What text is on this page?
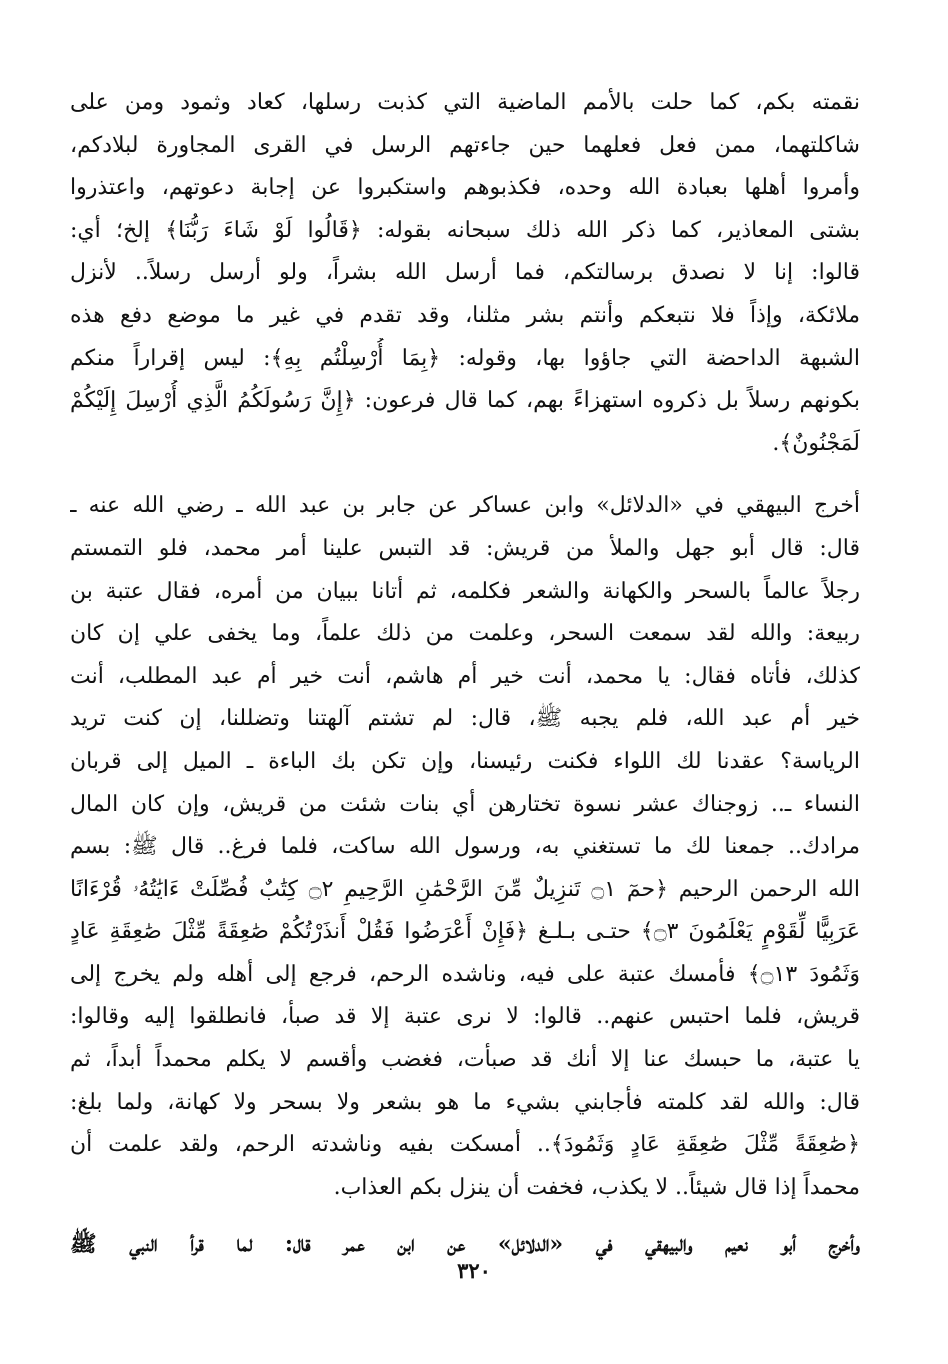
نقمته بكم، كما حلت بالأمم الماضية التي كذبت رسلها، كعاد وثمود ومن على
شاكلتهما، ممن فعل فعلهما حين جاءتهم الرسل في القرى المجاورة لبلادكم،
وأمروا أهلها بعبادة الله وحده، فكذبوهم واستكبروا عن إجابة دعوتهم، واعتذروا
بشتى المعاذير، كما ذكر الله ذلك سبحانه بقوله: ﴿قَالُوا لَوْ شَاءَ رَبُّنَا﴾ إلخ؛ أي:
قالوا: إنا لا نصدق برسالتكم، فما أرسل الله بشراً، ولو أرسل رسلاً.. لأنزل
ملائكة، وإذاً فلا نتبعكم وأنتم بشر مثلنا، وقد تقدم في غير ما موضع دفع هذه
الشبهة الداحضة التي جاؤوا بها، وقوله: ﴿بِمَا أُرْسِلْتُم بِهِ﴾: ليس إقراراً منكم
بكونهم رسلاً بل ذكروه استهزاءً بهم، كما قال فرعون: ﴿إِنَّ رَسُولَكُمُ الَّذِي أُرْسِلَ إِلَيْكُمْ
لَمَجْنُونٌ﴾.
أخرج البيهقي في «الدلائل» وابن عساكر عن جابر بن عبد الله ـ رضي الله عنه ـ
قال: قال أبو جهل والملأ من قريش: قد التبس علينا أمر محمد، فلو التمستم
رجلاً عالماً بالسحر والكهانة والشعر فكلمه، ثم أتانا ببيان من أمره، فقال عتبة بن
ربيعة: والله لقد سمعت السحر، وعلمت من ذلك علماً، وما يخفى علي إن كان
كذلك، فأتاه فقال: يا محمد، أنت خير أم هاشم، أنت خير أم عبد المطلب، أنت
خير أم عبد الله، فلم يجبه ﷺ، قال: لم تشتم آلهتنا وتضللنا، إن كنت تريد
الرياسة؟ عقدنا لك اللواء فكنت رئيسنا، وإن تكن بك الباءة ـ الميل إلى قربان
النساء ـ.. زوجناك عشر نسوة تختارهن أي بنات شئت من قريش، وإن كان المال
مرادك.. جمعنا لك ما تستغني به، ورسول الله ساكت، فلما فرغ.. قال ﷺ: بسم
الله الرحمن الرحيم ﴿حمٓ ۝١ تَنزِيلٌ مِّنَ الرَّحْمَٰنِ الرَّحِيمِ ۝٢ كِتَٰبٌ فُصِّلَتْ ءَايَٰتُهُۥ قُرْءَانًا
عَرَبِيًّا لِّقَوْمٍ يَعْلَمُونَ ۝٣﴾ حتـى بـلـغ ﴿فَإِنْ أَعْرَضُوا فَقُلْ أَنذَرْتُكُمْ صَٰعِقَةً مِّثْلَ صَٰعِقَةِ عَادٍ
وَثَمُودَ ۝١٣﴾ فأمسك عتبة على فيه، وناشده الرحم، فرجع إلى أهله ولم يخرج إلى
قريش، فلما احتبس عنهم.. قالوا: لا نرى عتبة إلا قد صبأ، فانطلقوا إليه وقالوا:
يا عتبة، ما حبسك عنا إلا أنك قد صبأت، فغضب وأقسم لا يكلم محمداً أبداً، ثم
قال: والله لقد كلمته فأجابني بشيء ما هو بشعر ولا بسحر ولا كهانة، ولما بلغ:
﴿صَٰعِقَةً مِّثْلَ صَٰعِقَةِ عَادٍ وَثَمُودَ﴾.. أمسكت بفيه وناشدته الرحم، ولقد علمت أن
محمداً إذا قال شيئاً.. لا يكذب، فخفت أن ينزل بكم العذاب.
وأخرج أبو نعيم والبيهقي في «الدلائل» عن ابن عمر قال: لما قرأ النبي ﷺ
٣٢٠
